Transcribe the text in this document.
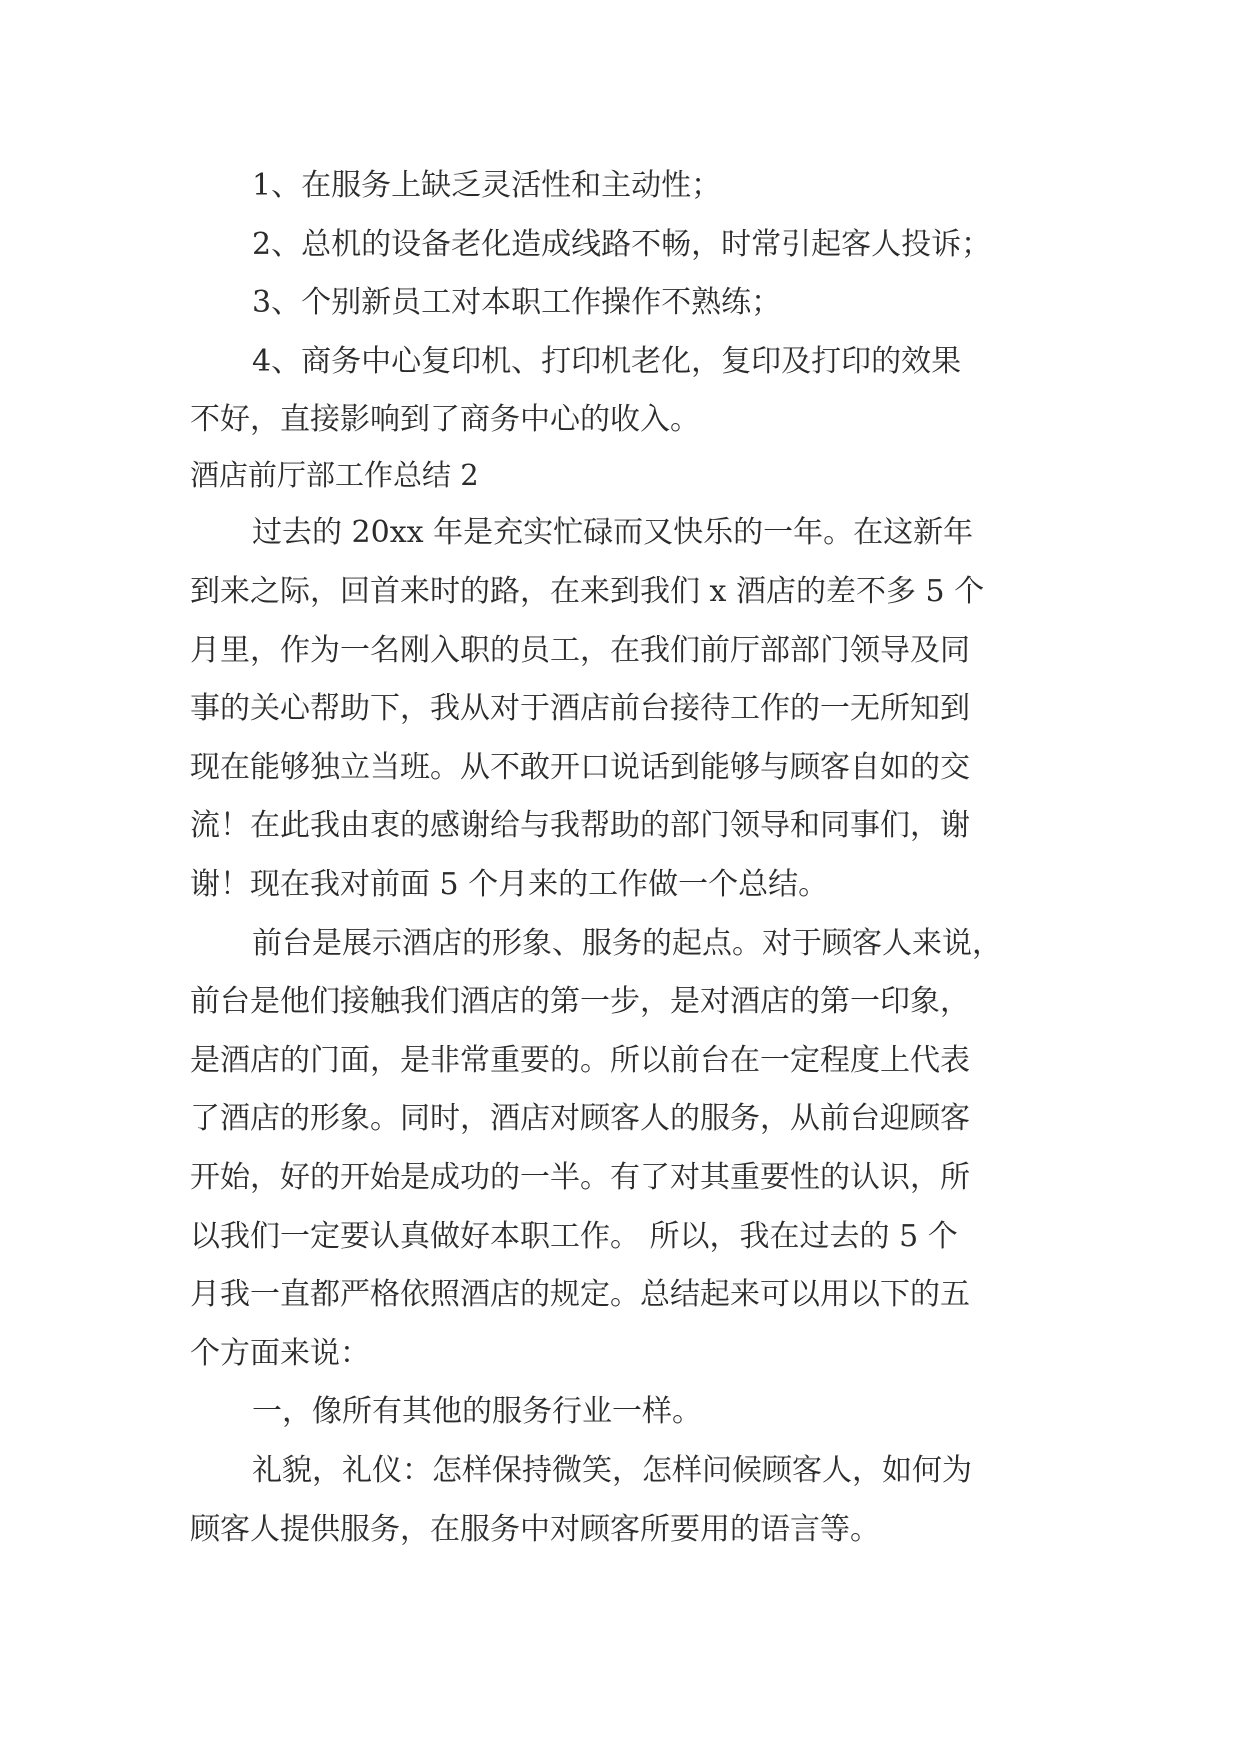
1、在服务上缺乏灵活性和主动性；
2、总机的设备老化造成线路不畅，时常引起客人投诉；
3、个别新员工对本职工作操作不熟练；
4、商务中心复印机、打印机老化，复印及打印的效果
不好，直接影响到了商务中心的收入。
酒店前厅部工作总结 2
过去的 20xx 年是充实忙碌而又快乐的一年。在这新年
到来之际，回首来时的路，在来到我们 x 酒店的差不多 5 个
月里，作为一名刚入职的员工，在我们前厅部部门领导及同
事的关心帮助下，我从对于酒店前台接待工作的一无所知到
现在能够独立当班。从不敢开口说话到能够与顾客自如的交
流！在此我由衷的感谢给与我帮助的部门领导和同事们，谢
谢！现在我对前面 5 个月来的工作做一个总结。
前台是展示酒店的形象、服务的起点。对于顾客人来说，
前台是他们接触我们酒店的第一步，是对酒店的第一印象，
是酒店的门面，是非常重要的。所以前台在一定程度上代表
了酒店的形象。同时，酒店对顾客人的服务，从前台迎顾客
开始，好的开始是成功的一半。有了对其重要性的认识，所
以我们一定要认真做好本职工作。 所以，我在过去的 5 个
月我一直都严格依照酒店的规定。总结起来可以用以下的五
个方面来说：
一，像所有其他的服务行业一样。
礼貌，礼仪：怎样保持微笑，怎样问候顾客人，如何为
顾客人提供服务，在服务中对顾客所要用的语言等。
